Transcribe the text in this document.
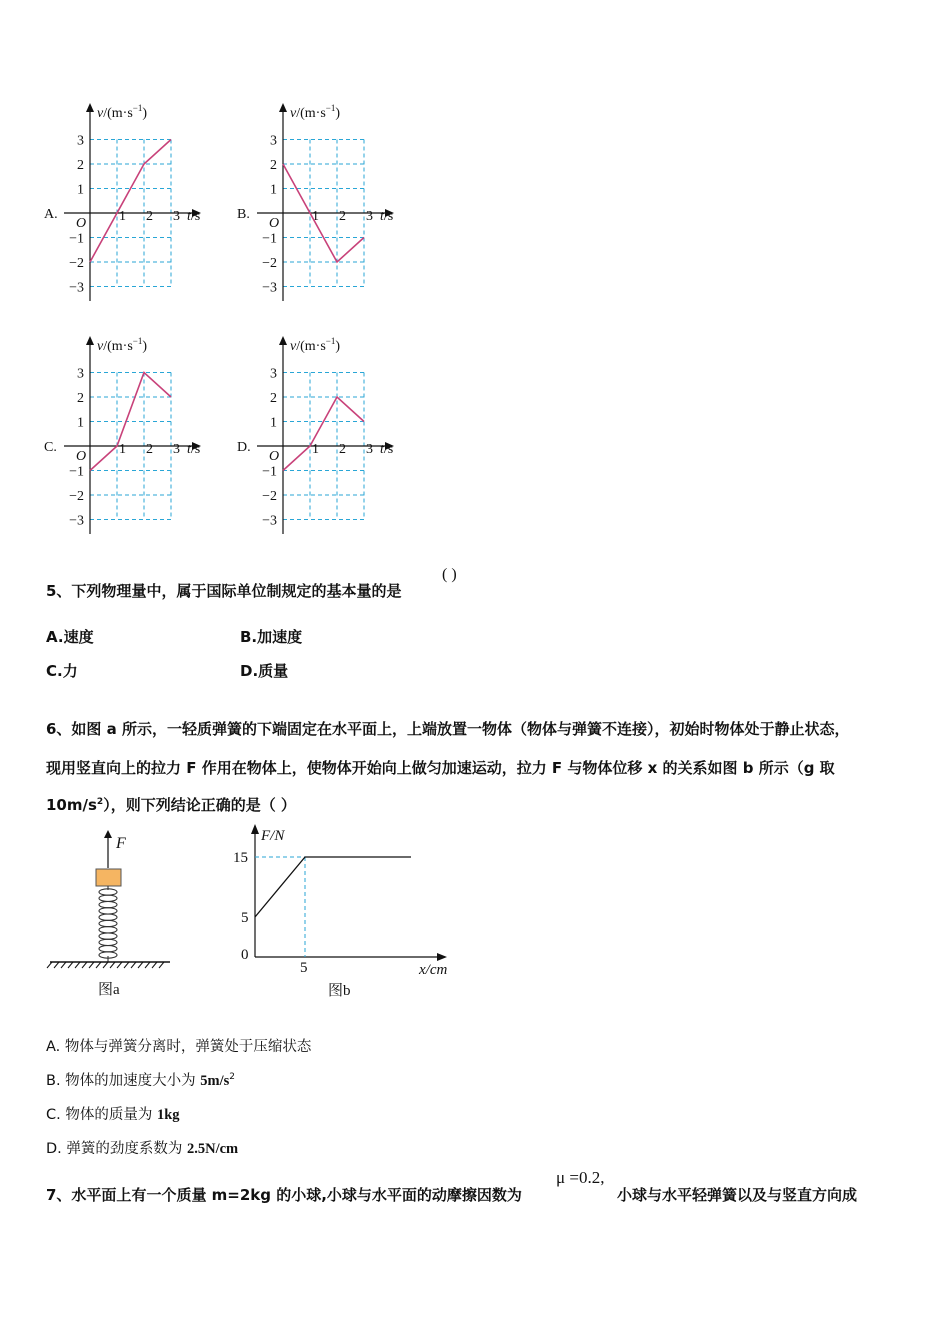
A.
$v/(m\cdot s^{-1})$
t/s
O 1 2 3
3
2
1
−1
−2
−3
B.
$v/(m\cdot s^{-1})$
t/s
O 1 2 3
3
2
1
−1
−2
−3
C.
$v/(m\cdot s^{-1})$
t/s
O 1 2 3
3
2
1
−1
−2
−3
D.
$v/(m\cdot s^{-1})$
t/s
O 1 2 3
3
2
1
−1
−2
−3
5、下列物理量中，属于国际单位制规定的基本量的是
( )
A.速度	B.加速度
C.力	D.质量
6、如图 a 所示，一轻质弹簧的下端固定在水平面上，上端放置一物体（物体与弹簧不连接），初始时物体处于静止状态，
现用竖直向上的拉力 F 作用在物体上，使物体开始向上做匀加速运动，拉力 F 与物体位移 x 的关系如图 b 所示（g 取
$10m/s^2$），则下列结论正确的是（ ）
F
图a
F/N
15
5
0
5	x/cm
图b
A. 物体与弹簧分离时，弹簧处于压缩状态
B. 物体的加速度大小为 $5m/s^2$
C. 物体的质量为 1kg
D. 弹簧的劲度系数为 2.5N/cm
7、水平面上有一个质量 m=2kg 的小球,小球与水平面的动摩擦因数为
μ =0.2,
小球与水平轻弹簧以及与竖直方向成
